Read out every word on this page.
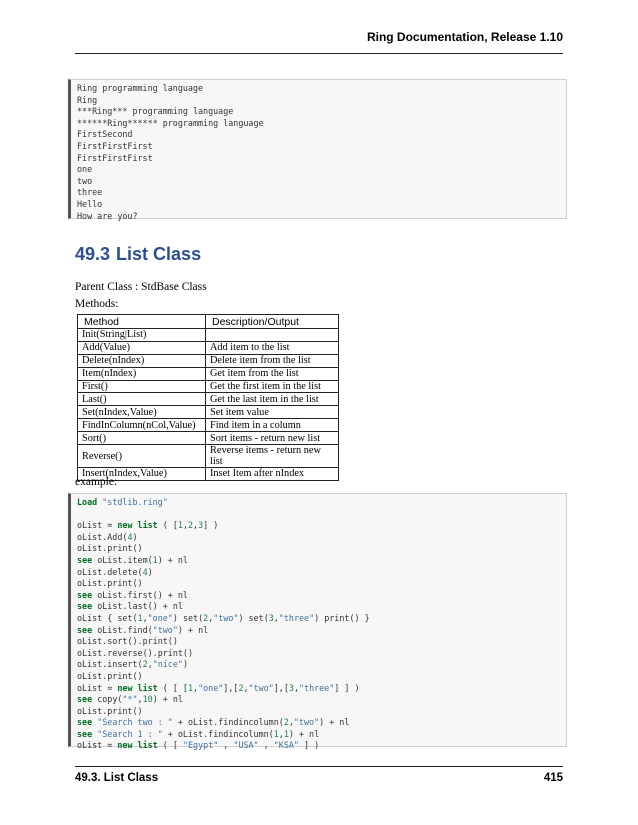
Ring Documentation, Release 1.10
Ring programming language
Ring
***Ring*** programming language
******Ring****** programming language
FirstSecond
FirstFirstFirst
FirstFirstFirst
one
two
three
Hello
How are you?
49.3 List Class
Parent Class : StdBase Class
Methods:
Method	Description/Output
Init(String|List)	
Add(Value)	Add item to the list
Delete(nIndex)	Delete item from the list
Item(nIndex)	Get item from the list
First()	Get the first item in the list
Last()	Get the last item in the list
Set(nIndex,Value)	Set item value
FindInColumn(nCol,Value)	Find item in a column
Sort()	Sort items - return new list
Reverse()	Reverse items - return new list
Insert(nIndex,Value)	Inset Item after nIndex
example:
Load "stdlib.ring"

oList = new list ( [1,2,3] )
oList.Add(4)
oList.print()
see oList.item(1) + nl
oList.delete(4)
oList.print()
see oList.first() + nl
see oList.last() + nl
oList { set(1,"one") set(2,"two") set(3,"three") print() }
see oList.find("two") + nl
oList.sort().print()
oList.reverse().print()
oList.insert(2,"nice")
oList.print()
oList = new list ( [ [1,"one"],[2,"two"],[3,"three"] ] )
see copy("*",10) + nl
oList.print()
see "Search two : " + oList.findincolumn(2,"two") + nl
see "Search 1 : " + oList.findincolumn(1,1) + nl
oList = new list ( [ "Egypt" , "USA" , "KSA" ] )
49.3. List Class	415
